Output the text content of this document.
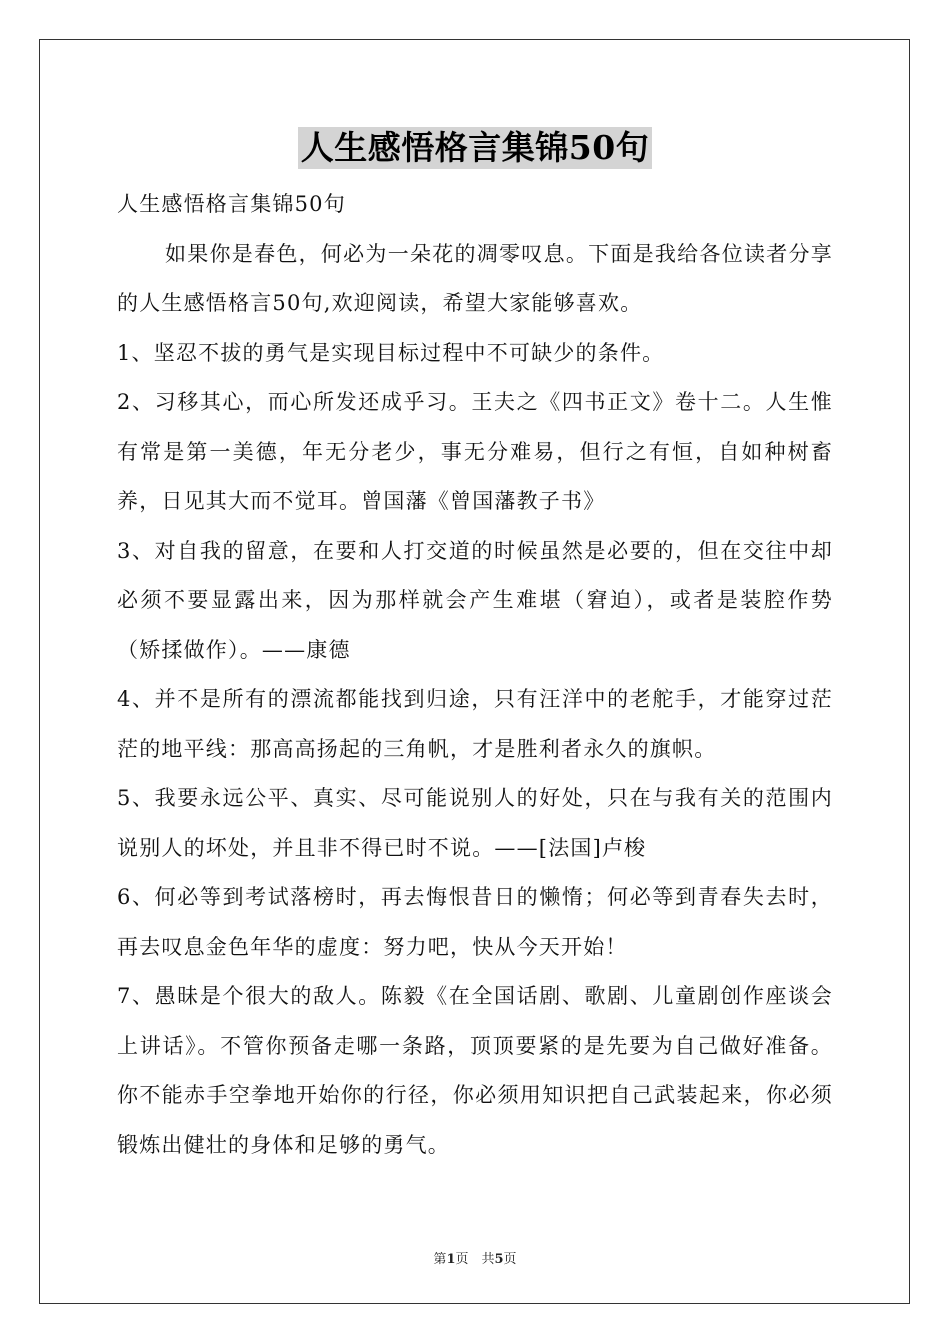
人生感悟格言集锦50句

人生感悟格言集锦50句

如果你是春色，何必为一朵花的凋零叹息。下面是我给各位读者分享的人生感悟格言50句,欢迎阅读，希望大家能够喜欢。

1、坚忍不拔的勇气是实现目标过程中不可缺少的条件。

2、习移其心，而心所发还成乎习。王夫之《四书正文》卷十二。人生惟有常是第一美德，年无分老少，事无分难易，但行之有恒，自如种树畜养，日见其大而不觉耳。曾国藩《曾国藩教子书》

3、对自我的留意，在要和人打交道的时候虽然是必要的，但在交往中却必须不要显露出来，因为那样就会产生难堪（窘迫），或者是装腔作势（矫揉做作）。——康德

4、并不是所有的漂流都能找到归途，只有汪洋中的老舵手，才能穿过茫茫的地平线：那高高扬起的三角帆，才是胜利者永久的旗帜。

5、我要永远公平、真实、尽可能说别人的好处，只在与我有关的范围内说别人的坏处，并且非不得已时不说。——[法国]卢梭

6、何必等到考试落榜时，再去悔恨昔日的懒惰；何必等到青春失去时，再去叹息金色年华的虚度：努力吧，快从今天开始！

7、愚昧是个很大的敌人。陈毅《在全国话剧、歌剧、儿童剧创作座谈会上讲话》。不管你预备走哪一条路，顶顶要紧的是先要为自己做好准备。你不能赤手空拳地开始你的行径，你必须用知识把自己武装起来，你必须锻炼出健壮的身体和足够的勇气。

第1页　共5页
